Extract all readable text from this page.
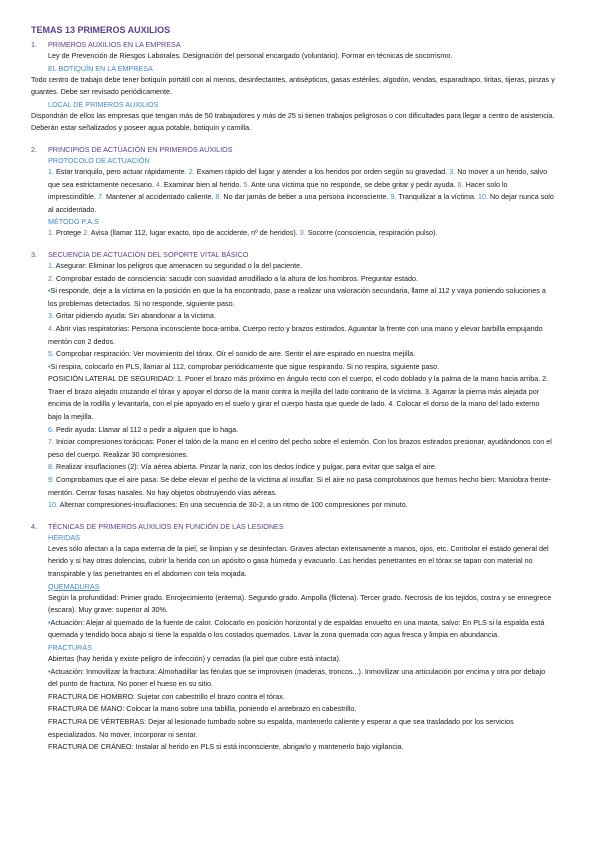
TEMAS 13 PRIMEROS AUXILIOS
1.	PRIMEROS AUXILIOS EN LA EMPRESA

Ley de Prevención de Riesgos Laborales. Designación del personal encargado (voluntario). Formar en técnicas de socorrismo.

EL BOTIQUÍN EN LA EMPRESA

Todo centro de trabajo debe tener botiquín portátil con al menos, desinfectantes, antisépticos, gasas estériles, algodón, vendas, esparadrapo, tiritas, tijeras, pinzas y guantes. Debe ser revisado periódicamente.

LOCAL DE PRIMEROS AUXILIOS

Dispondrán de ellos las empresas que tengan más de 50 trabajadores y más de 25 si tienen trabajos peligrosos o con dificultades para llegar a centro de asistencia. Deberán estar señalizados y poseer agua potable, botiquín y camilla.

2.	PRINCIPIOS DE ACTUACIÓN EN PRIMEROS AUXILIOS
PROTOCOLO DE ACTUACIÓN

1. Estar tranquilo, pero actuar rápidamente. 2. Examen rápido del lugar y atender a los heridos por orden según su gravedad. 3. No mover a un herido, salvo que sea estrictamente necesario. 4. Examinar bien al herido. 5. Ante una víctima que no responde, se debe gritar y pedir ayuda. 6. Hacer solo lo imprescindible. 7. Mantener al accidentado caliente. 8. No dar jamás de beber a una persona inconsciente. 9. Tranquilizar a la víctima. 10. No dejar nunca solo al accidentado.

MÉTODO P.A.S

1. Protege 2. Avisa (llamar 112, lugar exacto, tipo de accidente, nº de heridos). 3. Socorre (consciencia, respiración pulso).

3.	SECUENCIA DE ACTUACIÓN DEL SOPORTE VITAL BÁSICO

1. Asegurar: Eliminar los peligros que amenacen su seguridad o la del paciente.

2. Comprobar estado de consciencia: sacudir con suavidad arrodillado a la altura de los hombros. Preguntar estado.

•Si responde, deje a la víctima en la posición en que la ha encontrado, pase a realizar una valoración secundaria, llame al 112 y vaya poniendo soluciones a los problemas detectados. Si no responde, siguiente paso.

3. Gritar pidiendo ayuda: Sin abandonar a la víctima.

4. Abrir vías respiratorias: Persona inconsciente boca-arriba. Cuerpo recto y brazos estirados. Aguantar la frente con una mano y elevar barbilla empujando mentón con 2 dedos.

5. Comprobar respiración: Ver movimiento del tórax. Oír el sonido de aire. Sentir el aire espirado en nuestra mejilla.

•Si respira, colocarlo en PLS, llamar al 112, comprobar periódicamente que sigue respirando. Si no respira, siguiente paso.

POSICIÓN LATERAL DE SEGURIDAD: 1. Poner el brazo más próximo en ángulo recto con el cuerpo, el codo doblado y la palma de la mano hacia arriba. 2. Traer el brazo alejado cruzando el tórax y apoyar el dorso de la mano contra la mejilla del lado contrario de la víctima. 3. Agarrar la pierna más alejada por encima de la rodilla y levantarla, con el pie apoyado en el suelo y girar el cuerpo hasta que quede de lado. 4. Colocar el dorso de la mano del lado externo bajo la mejilla.

6. Pedir ayuda: Llamar al 112 o pedir a alguien que lo haga.

7. Iniciar compresiones torácicas: Poner el talón de la mano en el centro del pecho sobre el esternón. Con los brazos estirados presionar, ayudándonos con el peso del cuerpo. Realizar 30 compresiones.

8. Realizar insuflaciones (2): Vía aérea abierta. Pinzar la nariz, con los dedos índice y pulgar, para evitar que salga el aire.

9. Comprobamos que el aire pasa: Se debe elevar el pecho de la víctima al insuflar. Si el aire no pasa comprobamos que hemos hecho bien: Maniobra frente-mentón. Cerrar fosas nasales. No hay objetos obstruyendo vías aéreas.

10. Alternar compresiones-insuflaciones: En una secuencia de 30-2, a un ritmo de 100 compresiones por minuto.

4.	TÉCNICAS DE PRIMEROS AUXILIOS EN FUNCIÓN DE LAS LESIONES
HERIDAS

Leves sólo afectan a la capa externa de la piel, se limpian y se desinfectan. Graves afectan extensamente a manos, ojos, etc. Controlar el estado general del herido y si hay otras dolencias, cubrir la herida con un apósito o gasa húmeda y evacuarlo. Las heridas penetrantes en el tórax se tapan con material no transpirable y las penetrantes en el abdomen con tela mojada.

QUEMADURAS

Según la profundidad: Primer grado. Enrojecimiento (eritema). Segundo grado. Ampolla (flictena). Tercer grado. Necrosis de los tejidos, costra y se ennegrece (escara). Muy grave: superior al 30%.

•Actuación: Alejar al quemado de la fuente de calor. Colocarlo en posición horizontal y de espaldas envuelto en una manta, salvo: En PLS si la espalda está quemada y tendido boca abajo si tiene la espalda o los costados quemados. Lavar la zona quemada con agua fresca y limpia en abundancia.

FRACTURAS

Abiertas (hay herida y existe peligro de infección) y cerradas (la piel que cubre está intacta).

•Actuación: Inmovilizar la fractura: Almohadillar las férulas que se improvisen (maderas, troncos...). Inmovilizar una articulación por encima y otra por debajo del punto de fractura. No poner el hueso en su sitio.

FRACTURA DE HOMBRO: Sujetar con cabestrillo el brazo contra el tórax.

FRACTURA DE MANO: Colocar la mano sobre una tablilla, poniendo el antebrazo en cabestrillo.

FRACTURA DE VÉRTEBRAS: Dejar al lesionado tumbado sobre su espalda, mantenerlo caliente y esperar a que sea trasladado por los servicios especializados. No mover, incorporar ni sentar.

FRACTURA DE CRÁNEO: Instalar al herido en PLS si está inconsciente, abrigarlo y mantenerlo bajo vigilancia.
